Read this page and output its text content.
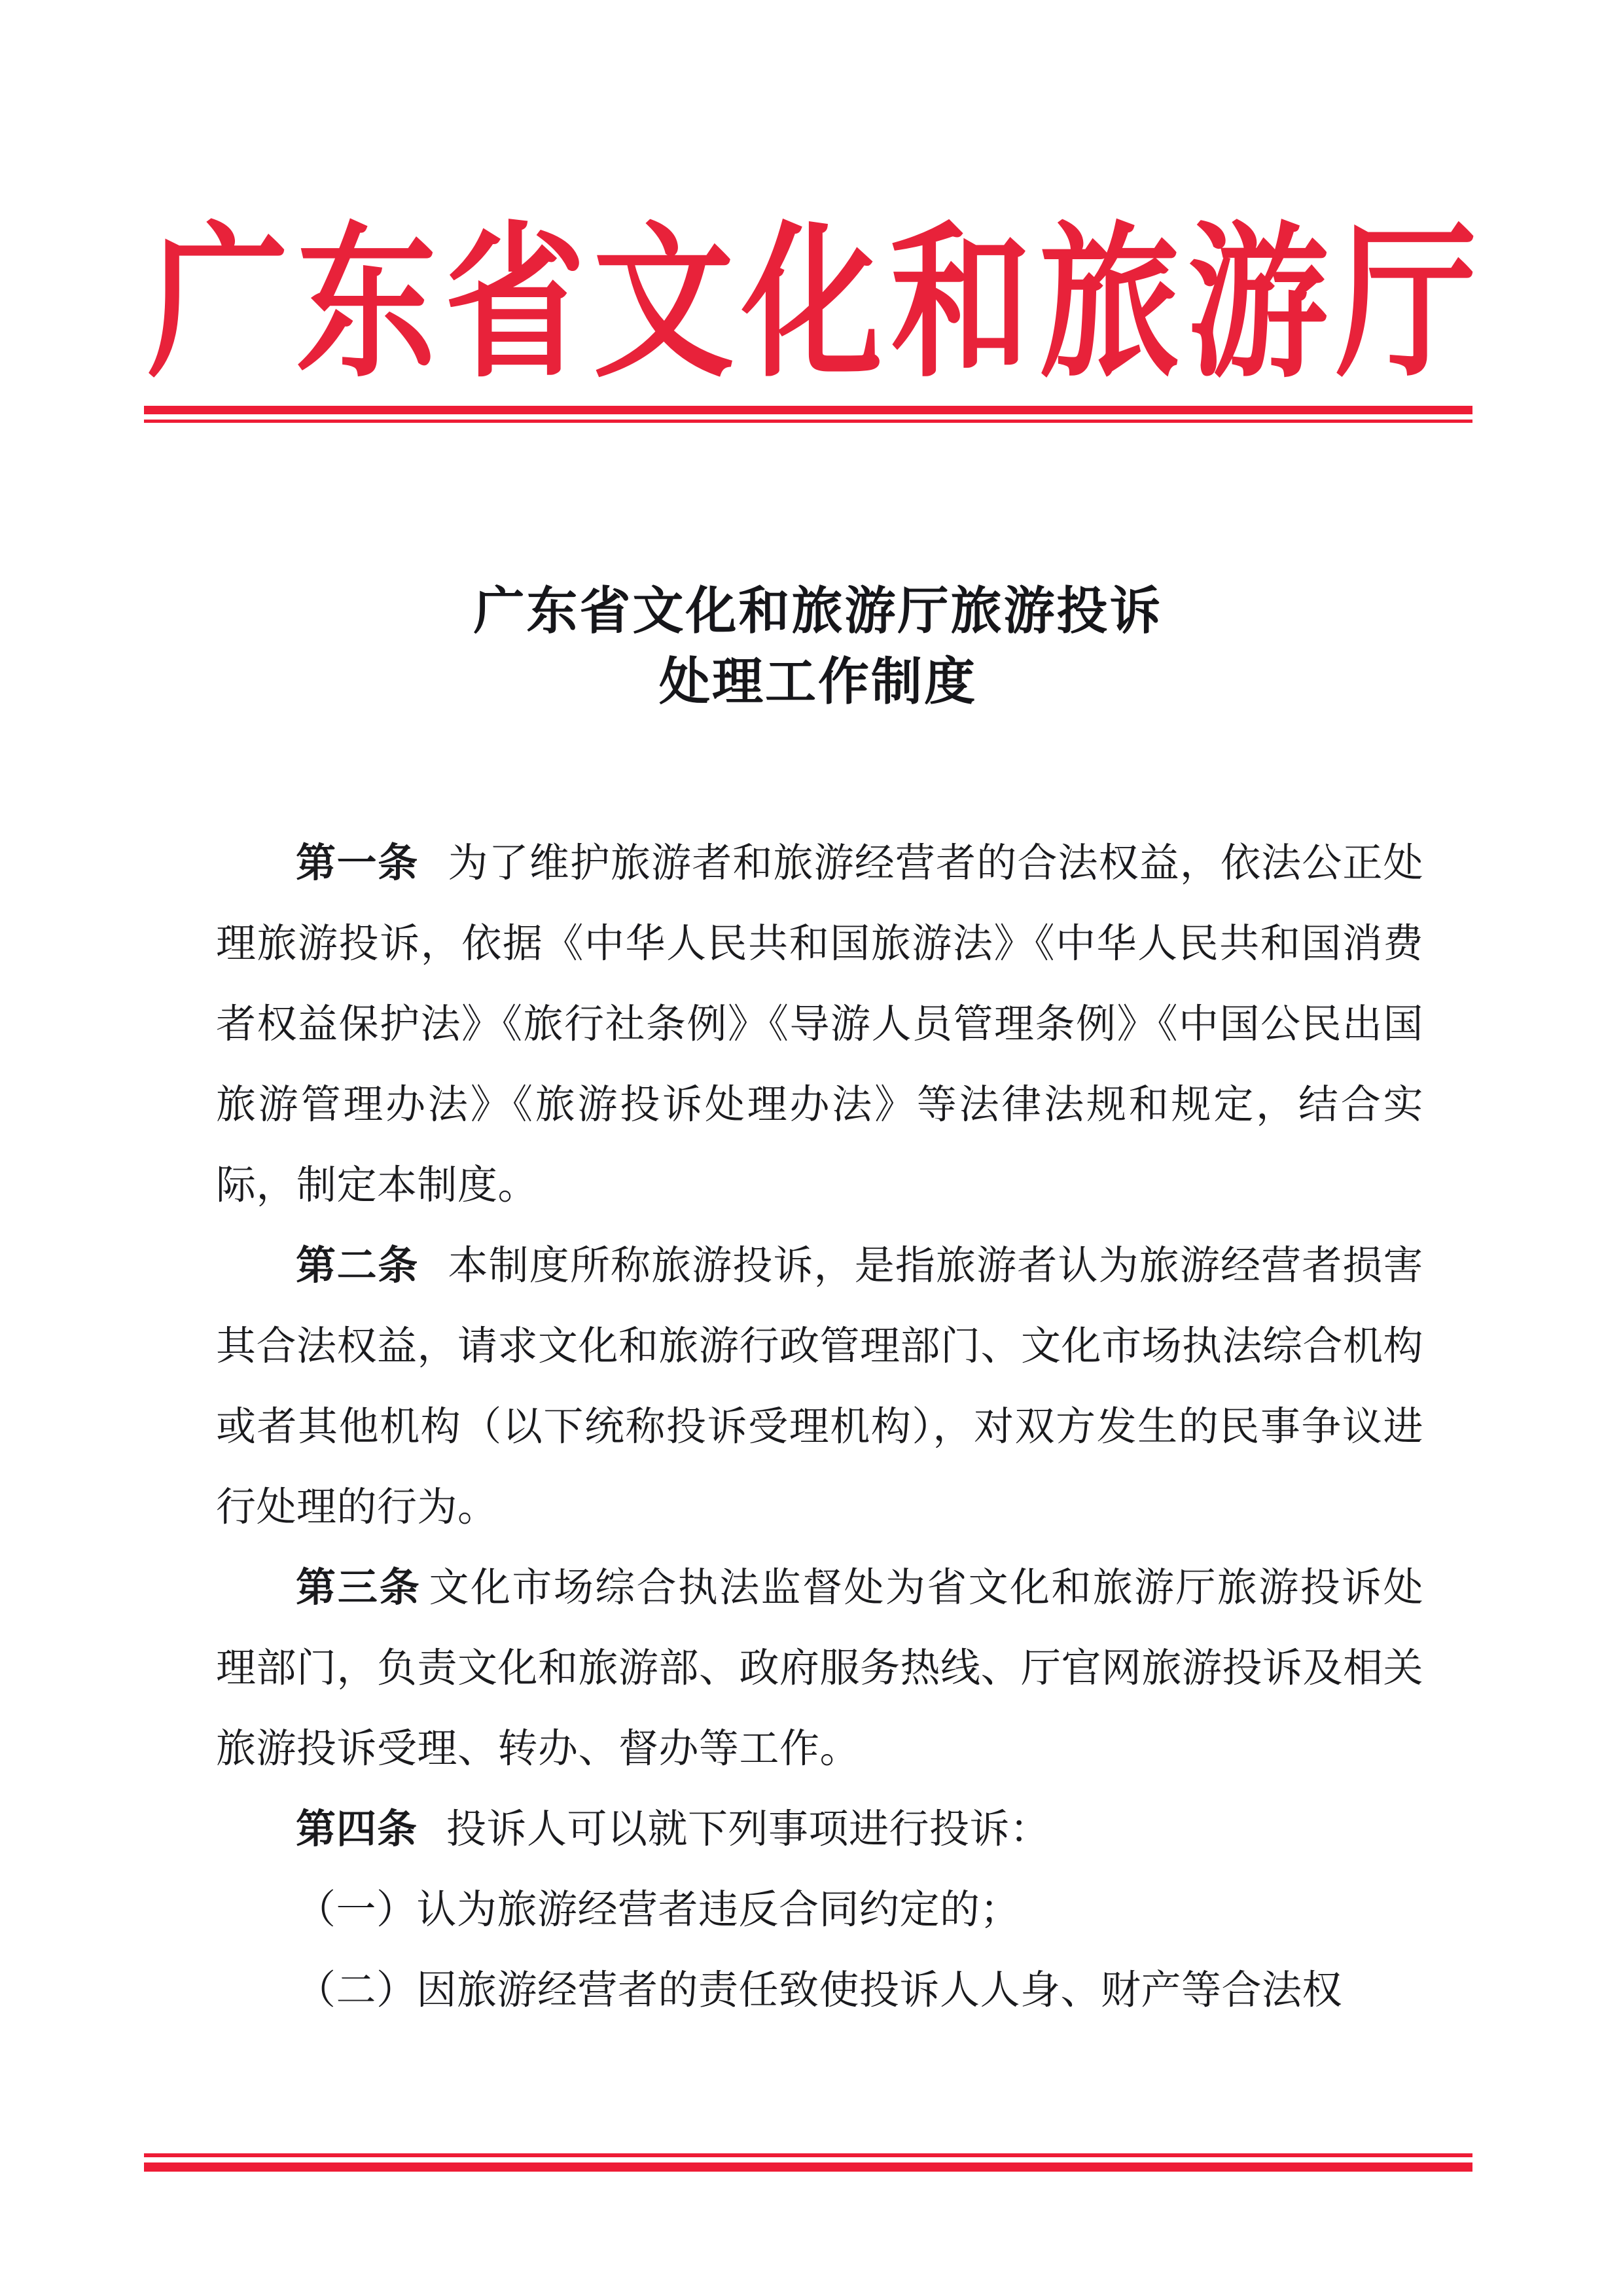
广东省文化和旅游厅
广东省文化和旅游厅旅游投诉
处理工作制度

第一条 为了维护旅游者和旅游经营者的合法权益，依法公正处理旅游投诉，依据《中华人民共和国旅游法》《中华人民共和国消费者权益保护法》《旅行社条例》《导游人员管理条例》《中国公民出国旅游管理办法》《旅游投诉处理办法》等法律法规和规定，结合实际，制定本制度。

第二条 本制度所称旅游投诉，是指旅游者认为旅游经营者损害其合法权益，请求文化和旅游行政管理部门、文化市场执法综合机构或者其他机构（以下统称投诉受理机构），对双方发生的民事争议进行处理的行为。

第三条 文化市场综合执法监督处为省文化和旅游厅旅游投诉处理部门，负责文化和旅游部、政府服务热线、厅官网旅游投诉及相关旅游投诉受理、转办、督办等工作。

第四条 投诉人可以就下列事项进行投诉：

（一）认为旅游经营者违反合同约定的；

（二）因旅游经营者的责任致使投诉人人身、财产等合法权
